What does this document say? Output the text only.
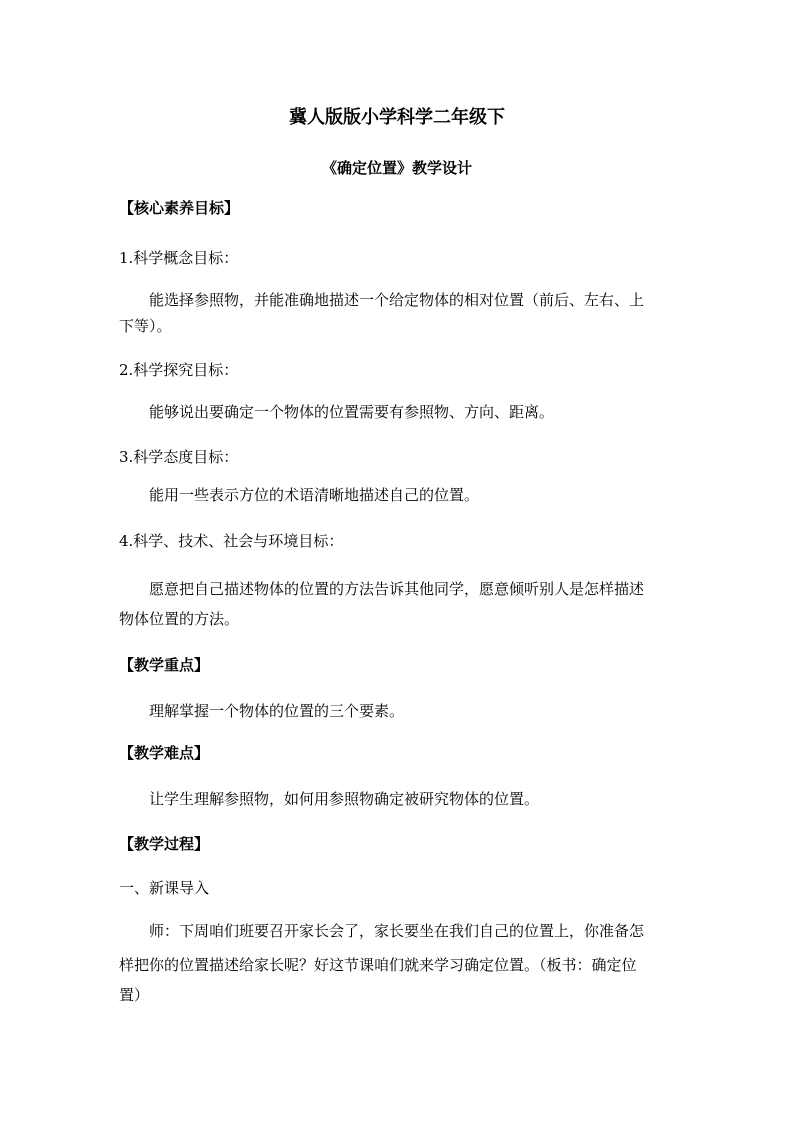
冀人版版小学科学二年级下
《确定位置》教学设计
【核心素养目标】
1.科学概念目标：
能选择参照物，并能准确地描述一个给定物体的相对位置（前后、左右、上
下等）。
2.科学探究目标：
能够说出要确定一个物体的位置需要有参照物、方向、距离。
3.科学态度目标：
能用一些表示方位的术语清晰地描述自己的位置。
4.科学、技术、社会与环境目标：
愿意把自己描述物体的位置的方法告诉其他同学，愿意倾听别人是怎样描述
物体位置的方法。
【教学重点】
理解掌握一个物体的位置的三个要素。
【教学难点】
让学生理解参照物，如何用参照物确定被研究物体的位置。
【教学过程】
一、新课导入
师：下周咱们班要召开家长会了，家长要坐在我们自己的位置上，你准备怎
样把你的位置描述给家长呢？好这节课咱们就来学习确定位置。（板书：确定位
置）
